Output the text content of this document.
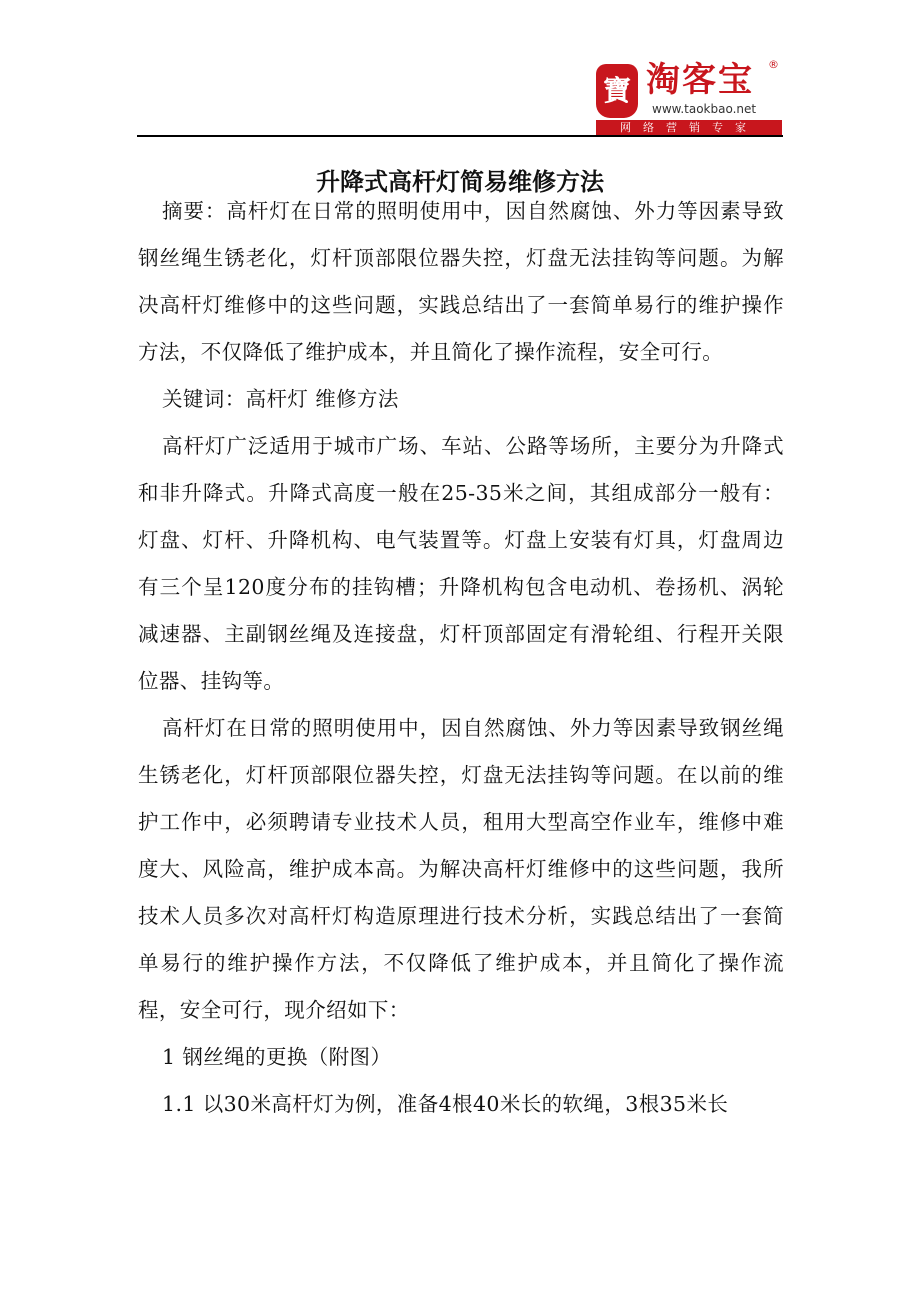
寶 淘客宝 ®
www.taokbao.net
网络营销专家
升降式高杆灯简易维修方法

摘要：高杆灯在日常的照明使用中，因自然腐蚀、外力等因素导致钢丝绳生锈老化，灯杆顶部限位器失控，灯盘无法挂钩等问题。为解决高杆灯维修中的这些问题，实践总结出了一套简单易行的维护操作方法，不仅降低了维护成本，并且简化了操作流程，安全可行。

关键词：高杆灯 维修方法

高杆灯广泛适用于城市广场、车站、公路等场所，主要分为升降式和非升降式。升降式高度一般在25-35米之间，其组成部分一般有：灯盘、灯杆、升降机构、电气装置等。灯盘上安装有灯具，灯盘周边有三个呈120度分布的挂钩槽；升降机构包含电动机、卷扬机、涡轮减速器、主副钢丝绳及连接盘，灯杆顶部固定有滑轮组、行程开关限位器、挂钩等。

高杆灯在日常的照明使用中，因自然腐蚀、外力等因素导致钢丝绳生锈老化，灯杆顶部限位器失控，灯盘无法挂钩等问题。在以前的维护工作中，必须聘请专业技术人员，租用大型高空作业车，维修中难度大、风险高，维护成本高。为解决高杆灯维修中的这些问题，我所技术人员多次对高杆灯构造原理进行技术分析，实践总结出了一套简单易行的维护操作方法，不仅降低了维护成本，并且简化了操作流程，安全可行，现介绍如下：

1 钢丝绳的更换（附图）

1.1 以30米高杆灯为例，准备4根40米长的软绳，3根35米长
